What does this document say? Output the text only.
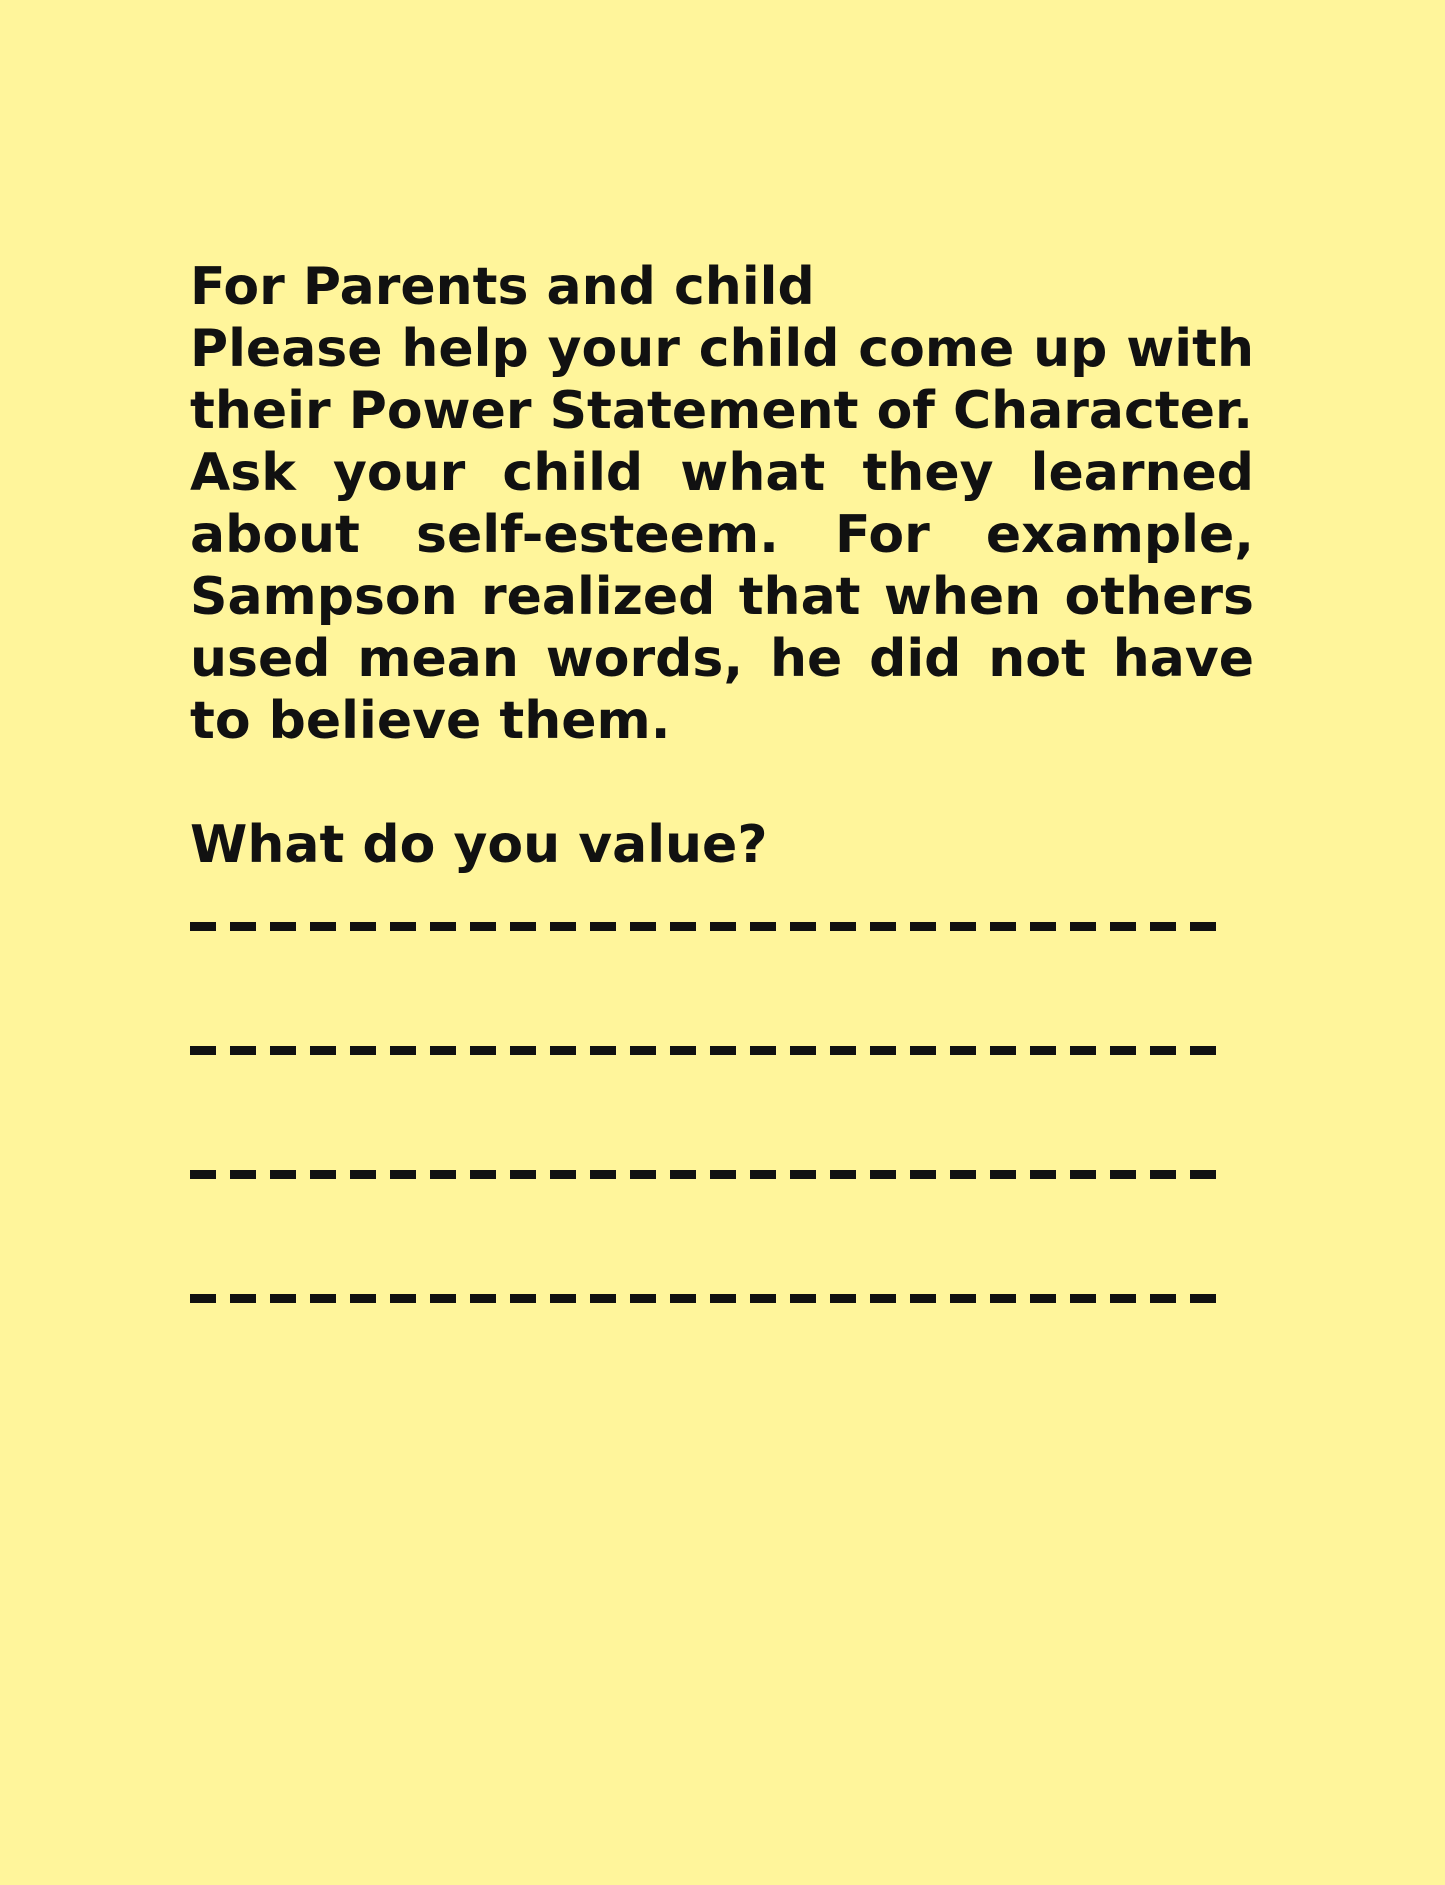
For Parents and child

Please help your child come up with their Power Statement of Character.

Ask your child what they learned about self-esteem. For example, Sampson realized that when others used mean words, he did not have to believe them.

What do you value?
